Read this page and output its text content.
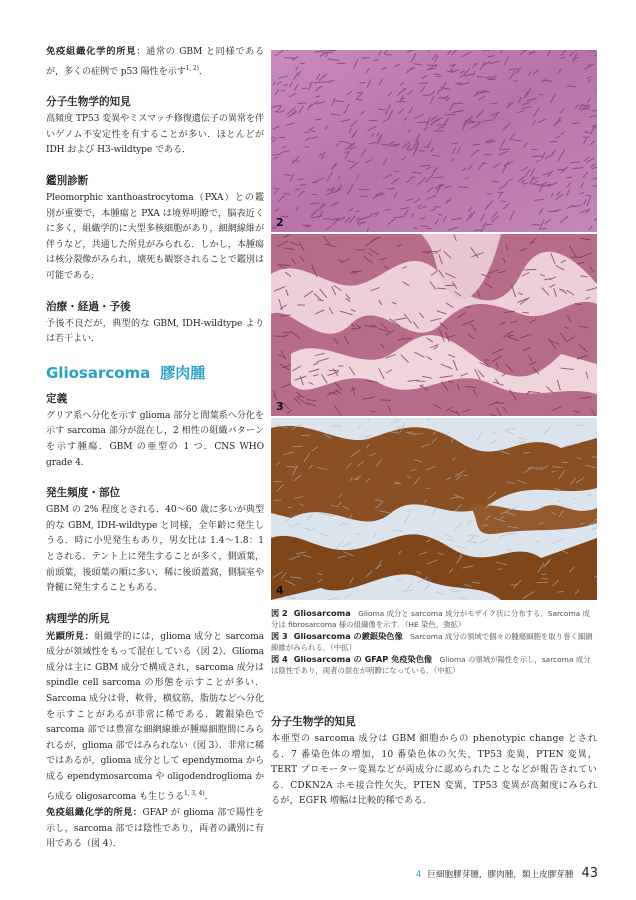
免疫組織化学的所見：通常の GBM と同様であるが，多くの症例で p53 陽性を示す$^{1, 2)}$．

分子生物学的知見

高頻度 TP53 変異やミスマッチ修復遺伝子の異常を伴いゲノム不安定性を有することが多い．ほとんどが IDH および H3-wildtype である．

鑑別診断

Pleomorphic xanthoastrocytoma（PXA）との鑑別が重要で，本腫瘍と PXA は境界明瞭で，脳表近くに多く，組織学的に大型多核細胞があり，細網線維が伴うなど，共通した所見がみられる．しかし，本腫瘍は核分裂像がみられ，壊死も観察されることで鑑別は可能である．

治療・経過・予後

予後不良だが，典型的な GBM, IDH-wildtype よりは若干よい．

Gliosarcoma 膠肉腫
定義

グリア系へ分化を示す glioma 部分と間葉系へ分化を示す sarcoma 部分が混在し，2 相性の組織パターンを示す腫瘍．GBM の亜型の 1 つ．CNS WHO grade 4.

発生頻度・部位

GBM の 2% 程度とされる．40～60 歳に多いが典型的な GBM, IDH-wildtype と同様，全年齢に発生しうる．時に小児発生もあり，男女比は 1.4～1.8：1 とされる．テント上に発生することが多く，側頭葉，前頭葉，後頭葉の順に多い．稀に後頭蓋窩，側脳室や脊髄に発生することもある．

病理学的所見

光顕所見：組織学的には，glioma 成分と sarcoma 成分が領域性をもって混在している（図 2）．Glioma 成分は主に GBM 成分で構成され，sarcoma 成分は spindle cell sarcoma の形態を示すことが多い．Sarcoma 成分は骨，軟骨，横紋筋，脂肪などへ分化を示すことがあるが非常に稀である．鍍銀染色で sarcoma 部では豊富な細網線維が腫瘍細胞間にみられるが，glioma 部ではみられない（図 3）．非常に稀ではあるが，glioma 成分として ependymoma から成る ependymosarcoma や oligodendroglioma から成る oligosarcoma も生じうる$^{1, 3, 4)}$．

免疫組織化学的所見：GFAP が glioma 部で陽性を示し，sarcoma 部では陰性であり，両者の識別に有用である（図 4）．

2
3
4
図 2 Gliosarcoma　 Glioma 成分と sarcoma 成分がモザイク状に分布する．Sarcoma 成分は fibrosarcoma 様の組織像を示す．（HE 染色，強拡）
図 3 Gliosarcoma の鍍銀染色像　 Sarcoma 成分の領域で個々の腫瘍細胞を取り巻く細網線維がみられる．（中拡）
図 4 Gliosarcoma の GFAP 免疫染色像　 Glioma の領域が陽性を示し，sarcoma 成分は陰性であり，両者の混在が明瞭になっている．（中拡）
分子生物学的知見

本亜型の sarcoma 成分は GBM 細胞からの phenotypic change とされる．7 番染色体の増加，10 番染色体の欠失，TP53 変異，PTEN 変異，TERT プロモーター変異などが両成分に認められたことなどが報告されている．CDKN2A ホモ接合性欠失，PTEN 変異，TP53 変異が高頻度にみられるが，EGFR 増幅は比較的稀である．

4 巨細胞膠芽腫，膠肉腫，類上皮膠芽腫 43
